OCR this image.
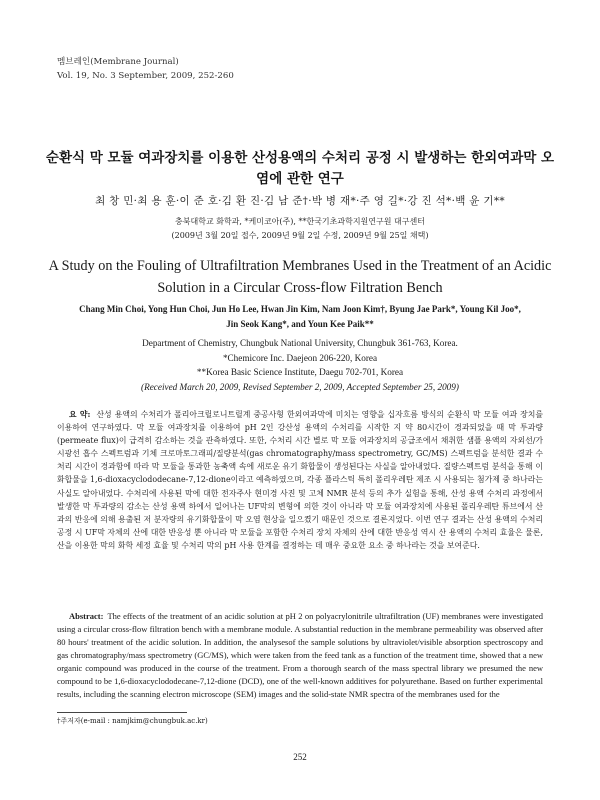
멤브레인(Membrane Journal)
Vol. 19, No. 3 September, 2009, 252-260
순환식 막 모듈 여과장치를 이용한 산성용액의 수처리 공정 시 발생하는 한외여과막 오염에 관한 연구
최 창 민·최 용 훈·이 준 호·김 환 진·김 남 준†·박 병 재*·주 영 길*·강 진 석*·백 윤 기**
충북대학교 화학과, *케미코아(주), **한국기초과학지원연구원 대구센터
(2009년 3월 20일 접수, 2009년 9월 2일 수정, 2009년 9월 25일 채택)
A Study on the Fouling of Ultrafiltration Membranes Used in the Treatment of an Acidic Solution in a Circular Cross-flow Filtration Bench
Chang Min Choi, Yong Hun Choi, Jun Ho Lee, Hwan Jin Kim, Nam Joon Kim†, Byung Jae Park*, Young Kil Joo*,
Jin Seok Kang*, and Youn Kee Paik**
Department of Chemistry, Chungbuk National University, Chungbuk 361-763, Korea.
*Chemicore Inc. Daejeon 206-220, Korea
**Korea Basic Science Institute, Daegu 702-701, Korea
(Received March 20, 2009, Revised September 2, 2009, Accepted September 25, 2009)
요 약: 산성 용액의 수처리가 폴리아크릴로니트릴계 중공사형 한외여과막에 미치는 영향을 십자흐름 방식의 순환식 막 모듈 여과 장치를 이용하여 연구하였다. 막 모듈 여과장치를 이용하여 pH 2인 강산성 용액의 수처리를 시작한 지 약 80시간이 경과되었을 때 막 투과량(permeate flux)이 급격히 감소하는 것을 관측하였다. 또한, 수처리 시간 별로 막 모듈 여과장치의 공급조에서 채취한 샘플 용액의 자외선/가시광선 흡수 스펙트럼과 기체 크로마토그래피/질량분석(gas chromatography/mass spectrometry, GC/MS) 스펙트럼을 분석한 결과 수처리 시간이 경과함에 따라 막 모듈을 통과한 농축액 속에 새로운 유기 화합물이 생성된다는 사실을 알아내었다. 질량스펙트럼 분석을 통해 이 화합물을 1,6-dioxacyclododecane-7,12-dione이라고 예측하였으며, 각종 플라스틱 특히 폴리우레탄 제조 시 사용되는 첨가제 중 하나라는 사실도 알아내었다. 수처리에 사용된 막에 대한 전자주사 현미경 사진 및 고체 NMR 분석 등의 추가 실험을 통해, 산성 용액 수처리 과정에서 발생한 막 투과량의 감소는 산성 용액 하에서 일어나는 UF막의 변형에 의한 것이 아니라 막 모듈 여과장치에 사용된 폴리우레탄 튜브에서 산과의 반응에 의해 용출된 저 분자량의 유기화합물이 막 오염 현상을 일으켰기 때문인 것으로 결론지었다. 이번 연구 결과는 산성 용액의 수처리 공정 시 UF막 자체의 산에 대한 반응성 뿐 아니라 막 모듈을 포함한 수처리 장치 자체의 산에 대한 반응성 역시 산 용액의 수처리 효율은 물론, 산을 이용한 막의 화학 세정 효율 및 수처리 막의 pH 사용 한계를 결정하는 데 매우 중요한 요소 중 하나라는 것을 보여준다.
Abstract: The effects of the treatment of an acidic solution at pH 2 on polyacrylonitrile ultrafiltration (UF) membranes were investigated using a circular cross-flow filtration bench with a membrane module. A substantial reduction in the membrane permeability was observed after 80 hours' treatment of the acidic solution. In addition, the analysesof the sample solutions by ultraviolet/visible absorption spectroscopy and gas chromatography/mass spectrometry (GC/MS), which were taken from the feed tank as a function of the treatment time, showed that a new organic compound was produced in the course of the treatment. From a thorough search of the mass spectral library we presumed the new compound to be 1,6-dioxacyclododecane-7,12-dione (DCD), one of the well-known additives for polyurethane. Based on further experimental results, including the scanning electron microscope (SEM) images and the solid-state NMR spectra of the membranes used for the
†주저자(e-mail : namjkim@chungbuk.ac.kr)
252
